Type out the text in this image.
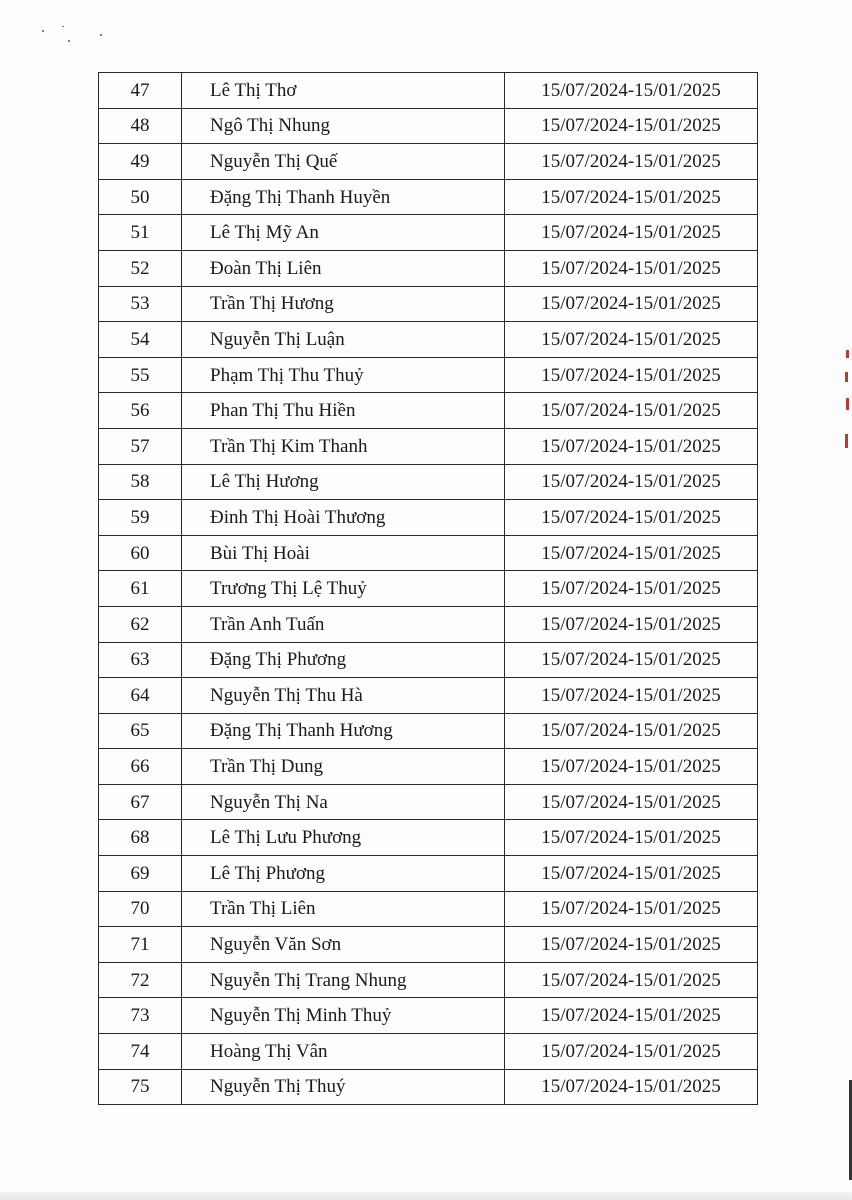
47	Lê Thị Thơ	15/07/2024-15/01/2025
48	Ngô Thị Nhung	15/07/2024-15/01/2025
49	Nguyễn Thị Quế	15/07/2024-15/01/2025
50	Đặng Thị Thanh Huyền	15/07/2024-15/01/2025
51	Lê Thị Mỹ An	15/07/2024-15/01/2025
52	Đoàn Thị Liên	15/07/2024-15/01/2025
53	Trần Thị Hương	15/07/2024-15/01/2025
54	Nguyễn Thị Luận	15/07/2024-15/01/2025
55	Phạm Thị Thu Thuỷ	15/07/2024-15/01/2025
56	Phan Thị Thu Hiền	15/07/2024-15/01/2025
57	Trần Thị Kim Thanh	15/07/2024-15/01/2025
58	Lê Thị Hương	15/07/2024-15/01/2025
59	Đinh Thị Hoài Thương	15/07/2024-15/01/2025
60	Bùi Thị Hoài	15/07/2024-15/01/2025
61	Trương Thị Lệ Thuỷ	15/07/2024-15/01/2025
62	Trần Anh Tuấn	15/07/2024-15/01/2025
63	Đặng Thị Phương	15/07/2024-15/01/2025
64	Nguyễn Thị Thu Hà	15/07/2024-15/01/2025
65	Đặng Thị Thanh Hương	15/07/2024-15/01/2025
66	Trần Thị Dung	15/07/2024-15/01/2025
67	Nguyễn Thị Na	15/07/2024-15/01/2025
68	Lê Thị Lưu Phương	15/07/2024-15/01/2025
69	Lê Thị Phương	15/07/2024-15/01/2025
70	Trần Thị Liên	15/07/2024-15/01/2025
71	Nguyễn Văn Sơn	15/07/2024-15/01/2025
72	Nguyễn Thị Trang Nhung	15/07/2024-15/01/2025
73	Nguyễn Thị Minh Thuỷ	15/07/2024-15/01/2025
74	Hoàng Thị Vân	15/07/2024-15/01/2025
75	Nguyễn Thị Thuý	15/07/2024-15/01/2025
